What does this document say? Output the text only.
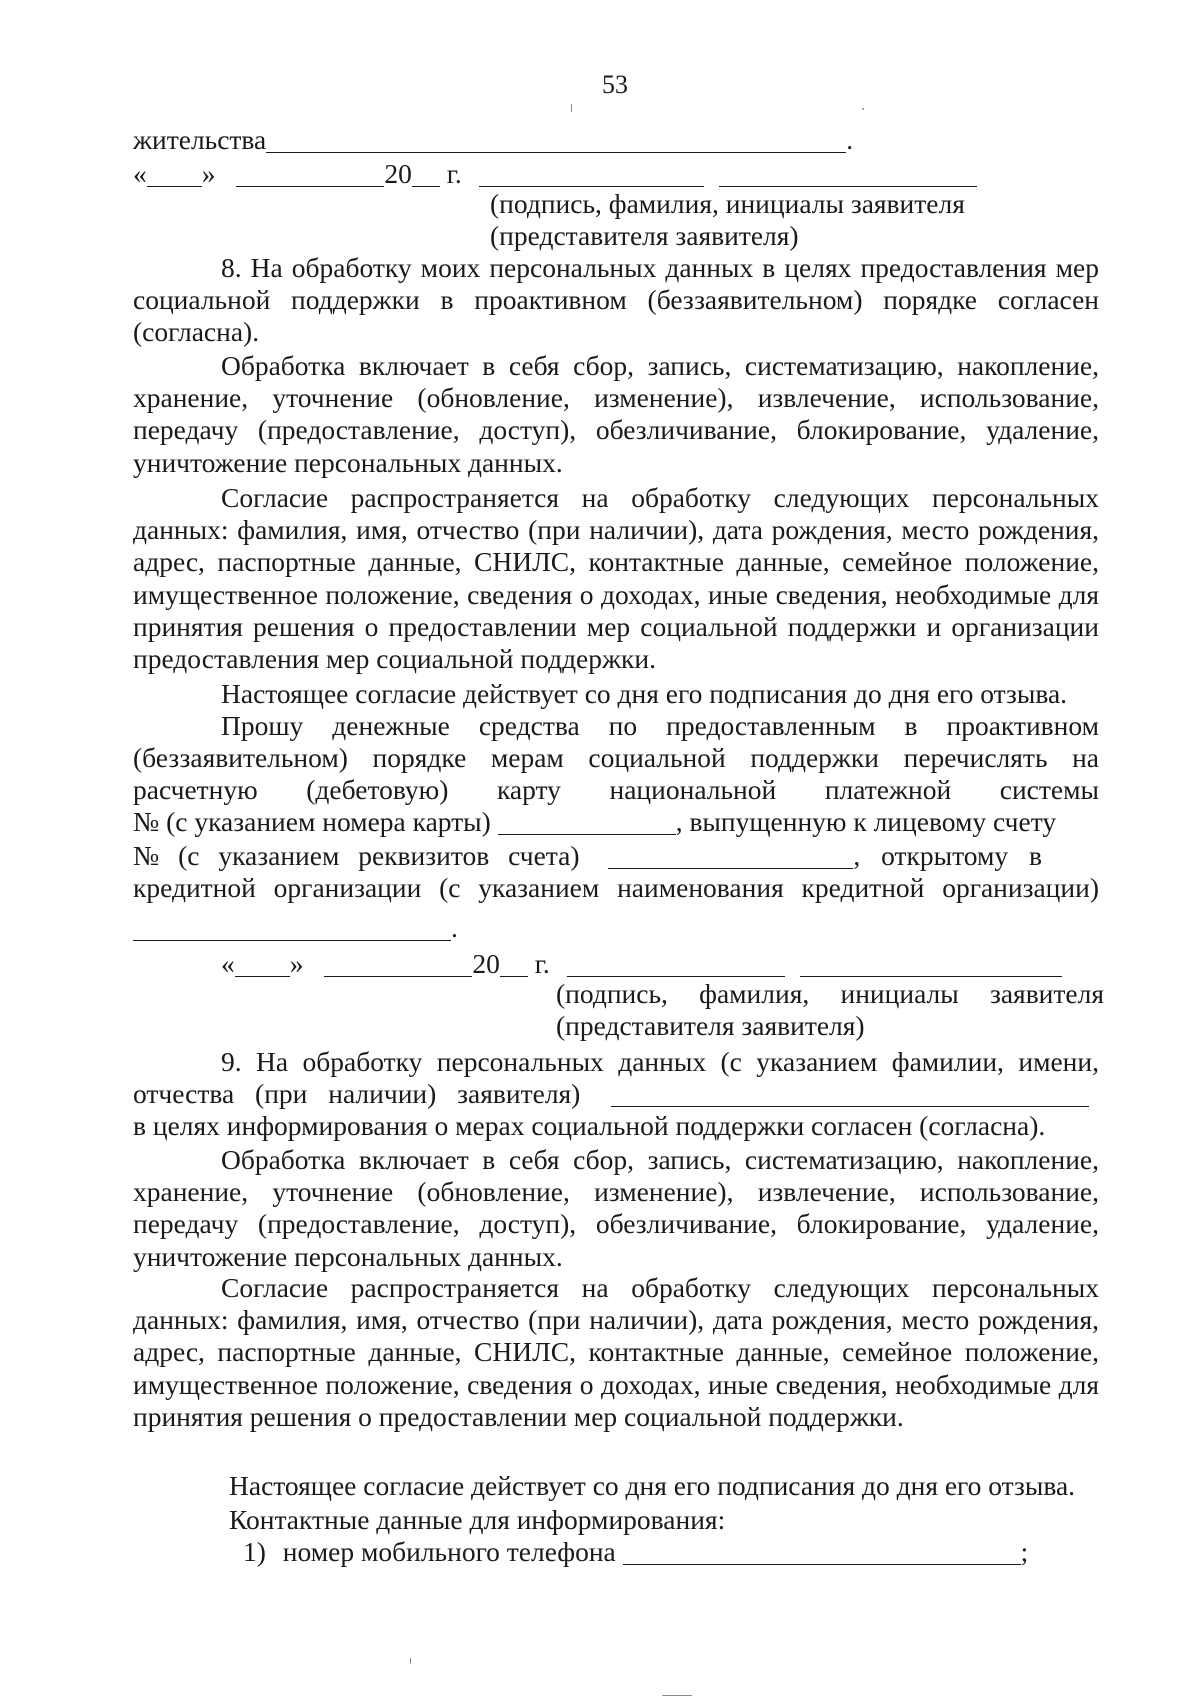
53
жительства	.
« »	20 г.
(подпись, фамилия, инициалы заявителя
(представителя заявителя)

8. На обработку моих персональных данных в целях предоставления мер социальной поддержки в проактивном (беззаявительном) порядке согласен (согласна).

Обработка включает в себя сбор, запись, систематизацию, накопление, хранение, уточнение (обновление, изменение), извлечение, использование, передачу (предоставление, доступ), обезличивание, блокирование, удаление, уничтожение персональных данных.

Согласие распространяется на обработку следующих персональных данных: фамилия, имя, отчество (при наличии), дата рождения, место рождения, адрес, паспортные данные, СНИЛС, контактные данные, семейное положение, имущественное положение, сведения о доходах, иные сведения, необходимые для принятия решения о предоставлении мер социальной поддержки и организации предоставления мер социальной поддержки.

Настоящее согласие действует со дня его подписания до дня его отзыва.

Прошу денежные средства по предоставленным в проактивном

(беззаявительном) порядке мерам социальной поддержки перечислять на

расчетную (дебетовую) карту национальной платежной системы

№ (с указанием номера карты)	, выпущенную к лицевому счету
№ (с указанием реквизитов счета)	, открытому в

кредитной организации (с указанием наименования кредитной организации)

.
« »	20 г.

(подпись, фамилия, инициалы заявителя

(представителя заявителя)

9. На обработку персональных данных (с указанием фамилии, имени,

отчества (при наличии) заявителя)
в целях информирования о мерах социальной поддержки согласен (согласна).

Обработка включает в себя сбор, запись, систематизацию, накопление, хранение, уточнение (обновление, изменение), извлечение, использование, передачу (предоставление, доступ), обезличивание, блокирование, удаление, уничтожение персональных данных.

Согласие распространяется на обработку следующих персональных данных: фамилия, имя, отчество (при наличии), дата рождения, место рождения, адрес, паспортные данные, СНИЛС, контактные данные, семейное положение, имущественное положение, сведения о доходах, иные сведения, необходимые для принятия решения о предоставлении мер социальной поддержки.

Настоящее согласие действует со дня его подписания до дня его отзыва.
Контактные данные для информирования:
1) номер мобильного телефона	;
